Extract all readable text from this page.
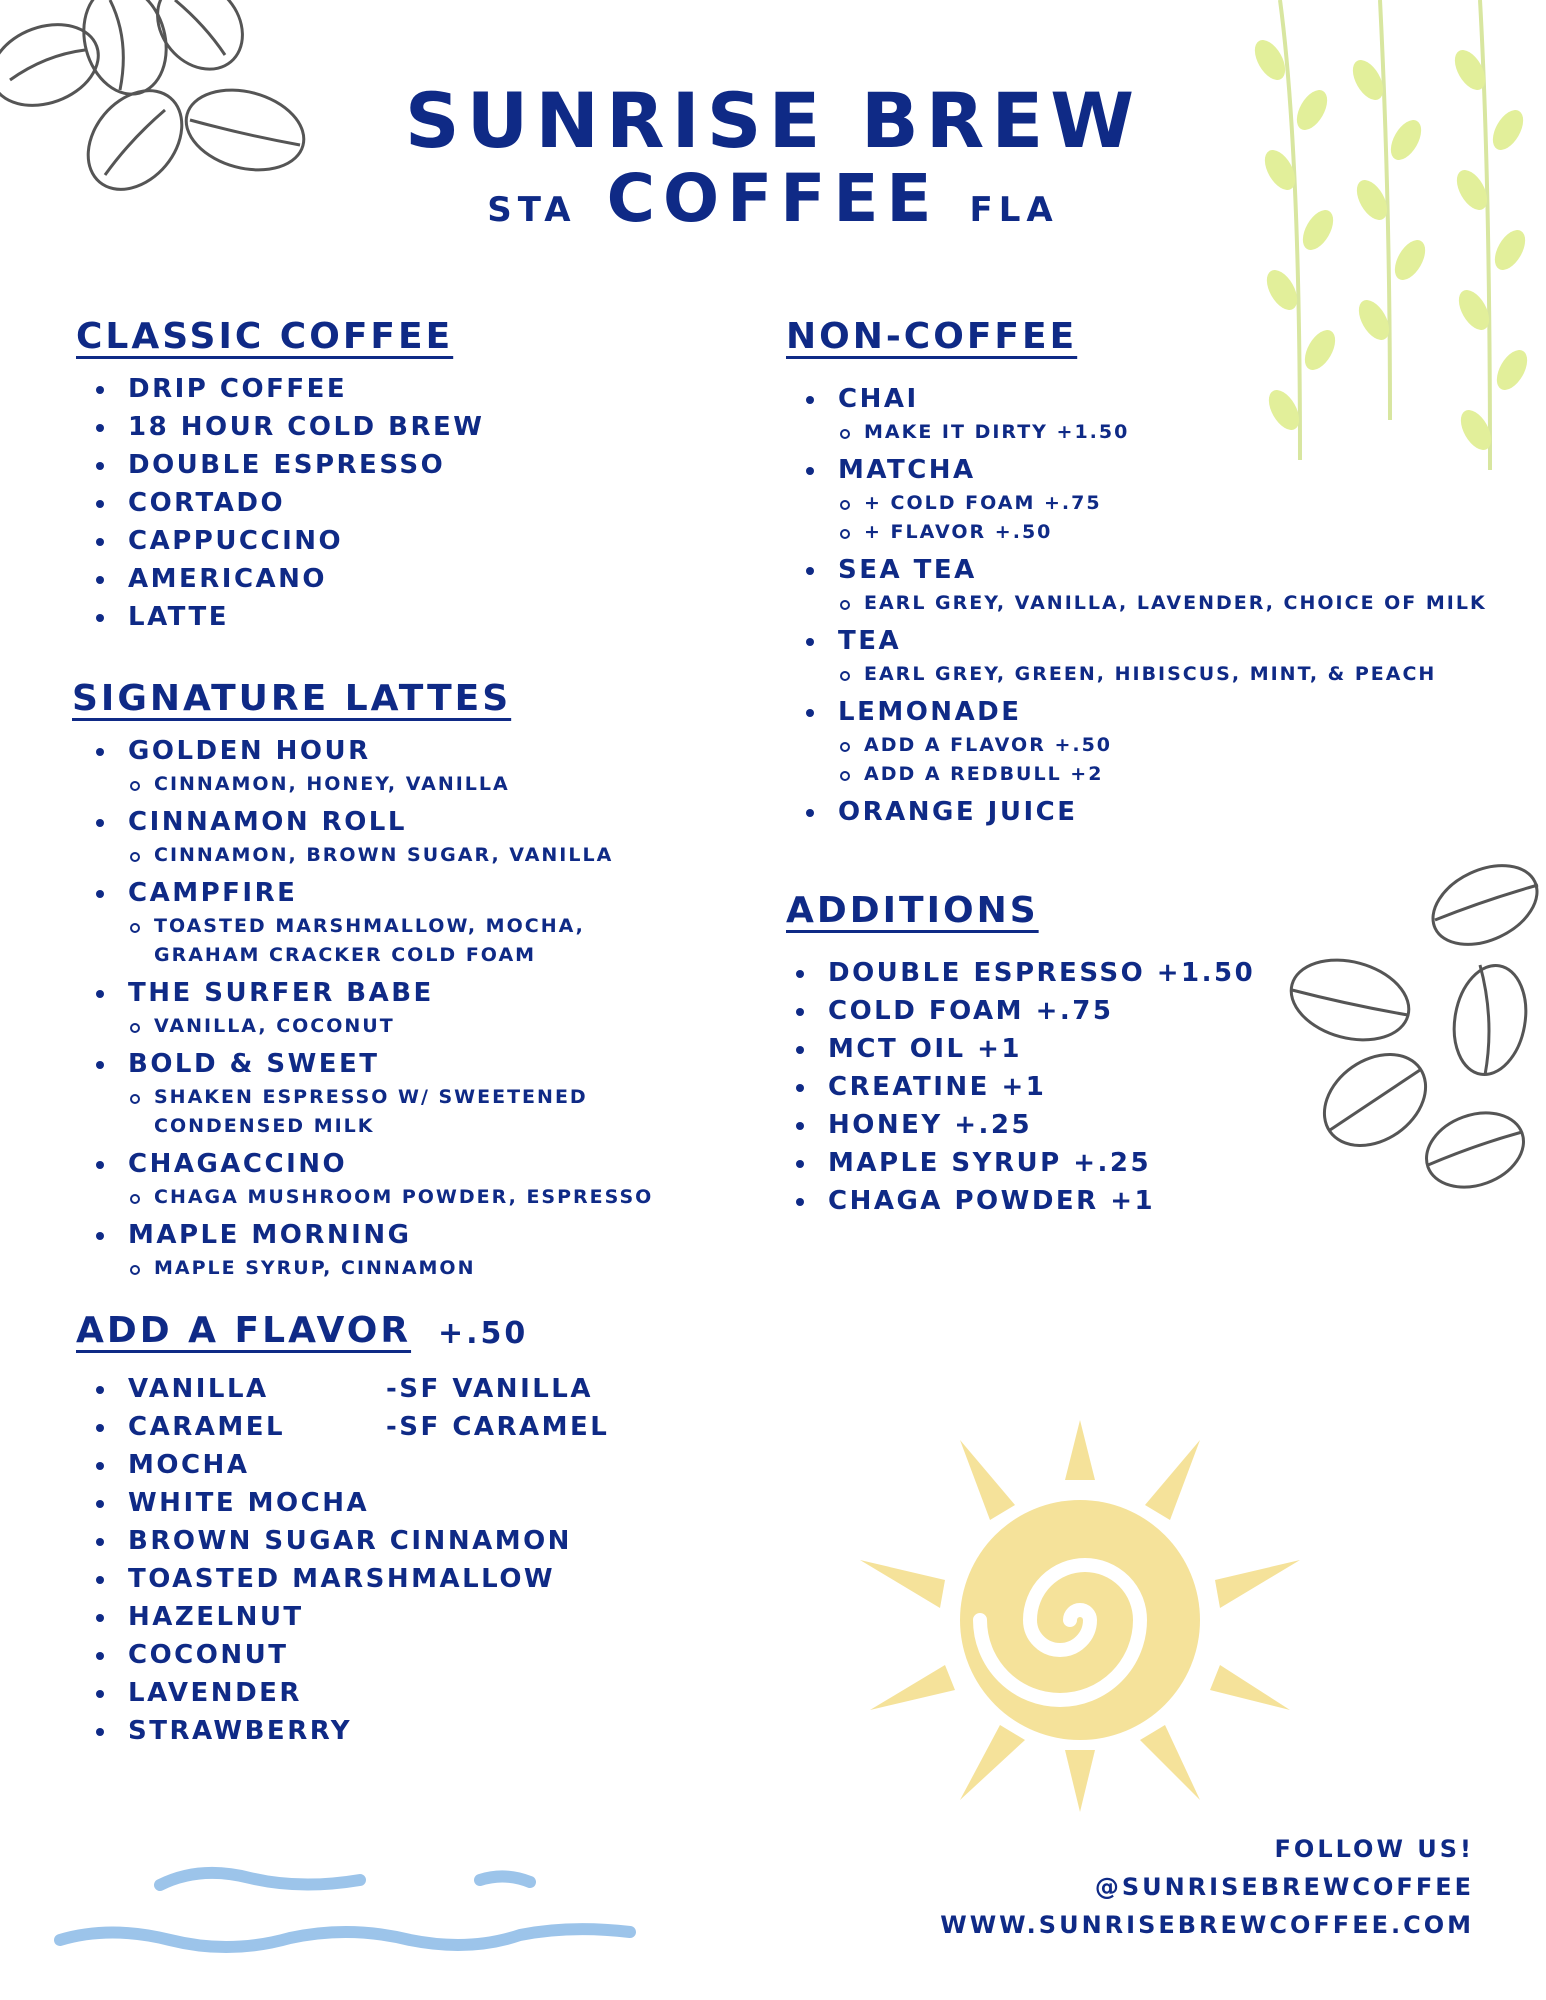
SUNRISE BREW
STA COFFEE FLA
CLASSIC COFFEE
DRIP COFFEE
18 HOUR COLD BREW
DOUBLE ESPRESSO
CORTADO
CAPPUCCINO
AMERICANO
LATTE
SIGNATURE LATTES
GOLDEN HOUR
CINNAMON, HONEY, VANILLA
CINNAMON ROLL
CINNAMON, BROWN SUGAR, VANILLA
CAMPFIRE
TOASTED MARSHMALLOW, MOCHA, GRAHAM CRACKER COLD FOAM
THE SURFER BABE
VANILLA, COCONUT
BOLD & SWEET
SHAKEN ESPRESSO W/ SWEETENED CONDENSED MILK
CHAGACCINO
CHAGA MUSHROOM POWDER, ESPRESSO
MAPLE MORNING
MAPLE SYRUP, CINNAMON
ADD A FLAVOR +.50
VANILLA
CARAMEL
MOCHA
WHITE MOCHA
BROWN SUGAR CINNAMON
TOASTED MARSHMALLOW
HAZELNUT
COCONUT
LAVENDER
STRAWBERRY
-SF VANILLA
-SF CARAMEL
NON-COFFEE
CHAI
MAKE IT DIRTY +1.50
MATCHA
+ COLD FOAM +.75
+ FLAVOR +.50
SEA TEA
EARL GREY, VANILLA, LAVENDER, CHOICE OF MILK
TEA
EARL GREY, GREEN, HIBISCUS, MINT, & PEACH
LEMONADE
ADD A FLAVOR +.50
ADD A REDBULL +2
ORANGE JUICE
ADDITIONS
DOUBLE ESPRESSO +1.50
COLD FOAM +.75
MCT OIL +1
CREATINE +1
HONEY +.25
MAPLE SYRUP +.25
CHAGA POWDER +1
FOLLOW US!
@SUNRISEBREWCOFFEE
WWW.SUNRISEBREWCOFFEE.COM
